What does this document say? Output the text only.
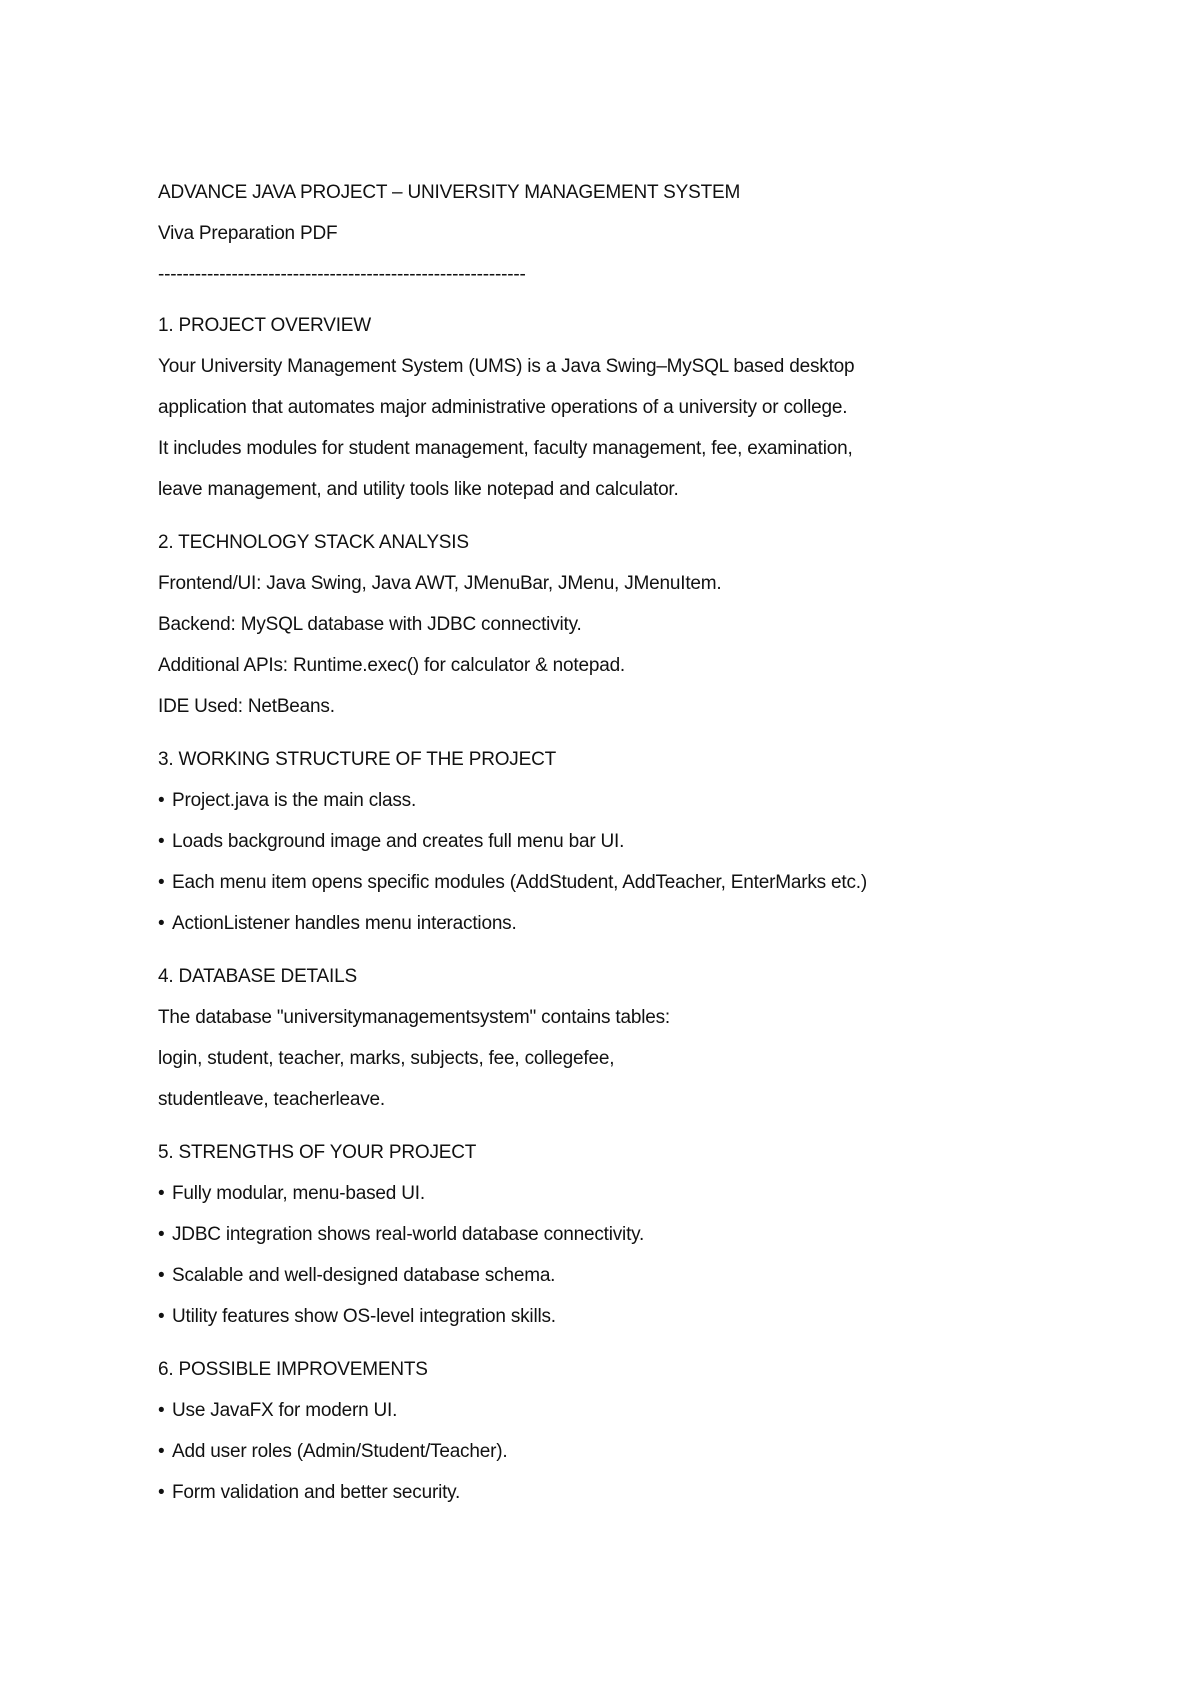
ADVANCE JAVA PROJECT – UNIVERSITY MANAGEMENT SYSTEM
Viva Preparation PDF
------------------------------------------------------------
1. PROJECT OVERVIEW
Your University Management System (UMS) is a Java Swing–MySQL based desktop
application that automates major administrative operations of a university or college.
It includes modules for student management, faculty management, fee, examination,
leave management, and utility tools like notepad and calculator.
2. TECHNOLOGY STACK ANALYSIS
Frontend/UI: Java Swing, Java AWT, JMenuBar, JMenu, JMenuItem.
Backend: MySQL database with JDBC connectivity.
Additional APIs: Runtime.exec() for calculator & notepad.
IDE Used: NetBeans.
3. WORKING STRUCTURE OF THE PROJECT
• Project.java is the main class.
• Loads background image and creates full menu bar UI.
• Each menu item opens specific modules (AddStudent, AddTeacher, EnterMarks etc.)
• ActionListener handles menu interactions.
4. DATABASE DETAILS
The database "universitymanagementsystem" contains tables:
login, student, teacher, marks, subjects, fee, collegefee,
studentleave, teacherleave.
5. STRENGTHS OF YOUR PROJECT
• Fully modular, menu-based UI.
• JDBC integration shows real-world database connectivity.
• Scalable and well-designed database schema.
• Utility features show OS-level integration skills.
6. POSSIBLE IMPROVEMENTS
• Use JavaFX for modern UI.
• Add user roles (Admin/Student/Teacher).
• Form validation and better security.
